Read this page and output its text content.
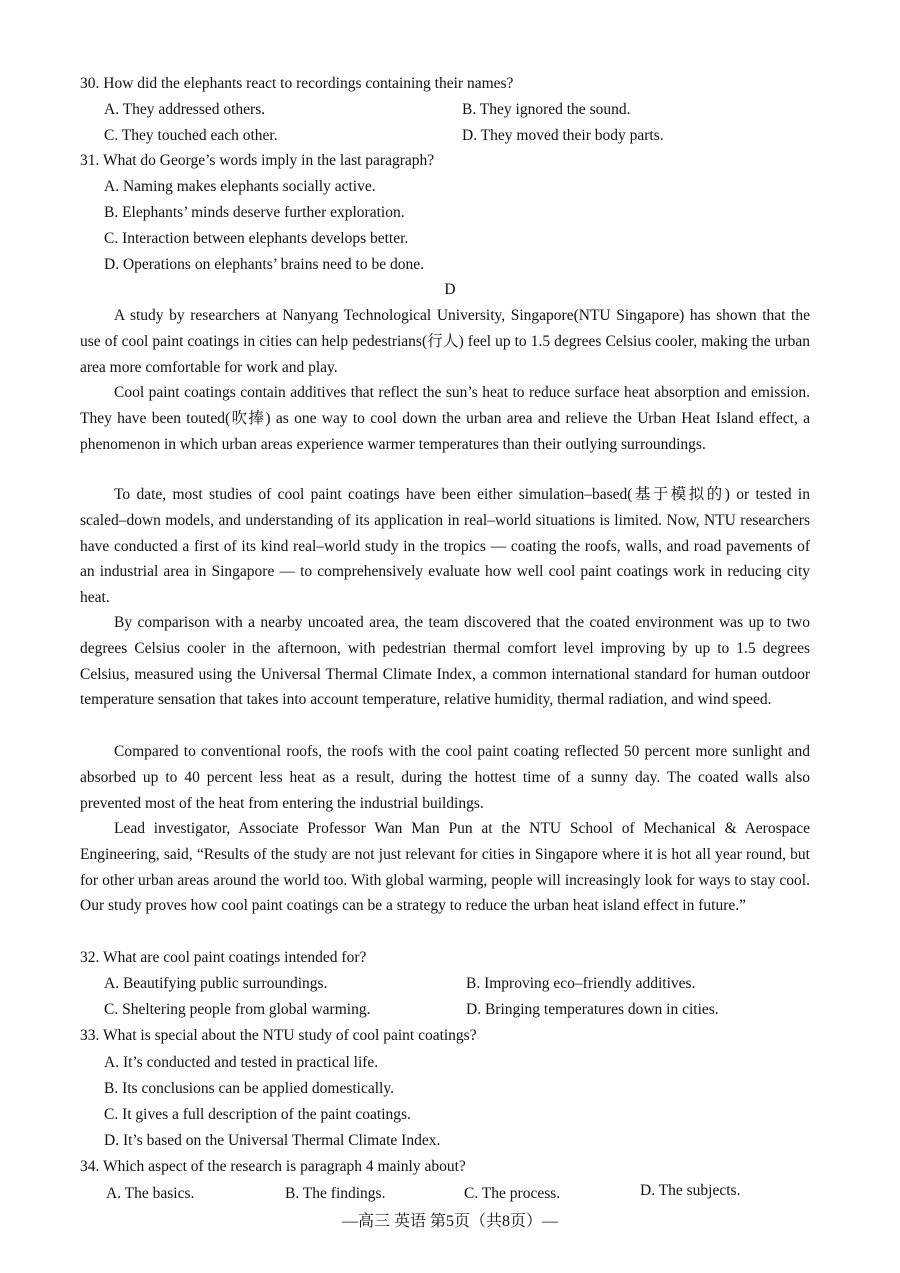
30. How did the elephants react to recordings containing their names?
A. They addressed others.	B. They ignored the sound.
C. They touched each other.	D. They moved their body parts.
31. What do George’s words imply in the last paragraph?
A. Naming makes elephants socially active.
B. Elephants’ minds deserve further exploration.
C. Interaction between elephants develops better.
D. Operations on elephants’ brains need to be done.
D
A study by researchers at Nanyang Technological University, Singapore(NTU Singapore) has shown that the use of cool paint coatings in cities can help pedestrians(行人) feel up to 1.5 degrees Celsius cooler, making the urban area more comfortable for work and play.
Cool paint coatings contain additives that reflect the sun’s heat to reduce surface heat absorption and emission. They have been touted(吹捧) as one way to cool down the urban area and relieve the Urban Heat Island effect, a phenomenon in which urban areas experience warmer temperatures than their outlying surroundings.
To date, most studies of cool paint coatings have been either simulation–based(基于模拟的) or tested in scaled–down models, and understanding of its application in real–world situations is limited. Now, NTU researchers have conducted a first of its kind real–world study in the tropics — coating the roofs, walls, and road pavements of an industrial area in Singapore — to comprehensively evaluate how well cool paint coatings work in reducing city heat.
By comparison with a nearby uncoated area, the team discovered that the coated environment was up to two degrees Celsius cooler in the afternoon, with pedestrian thermal comfort level improving by up to 1.5 degrees Celsius, measured using the Universal Thermal Climate Index, a common international standard for human outdoor temperature sensation that takes into account temperature, relative humidity, thermal radiation, and wind speed.
Compared to conventional roofs, the roofs with the cool paint coating reflected 50 percent more sunlight and absorbed up to 40 percent less heat as a result, during the hottest time of a sunny day. The coated walls also prevented most of the heat from entering the industrial buildings.
Lead investigator, Associate Professor Wan Man Pun at the NTU School of Mechanical & Aerospace Engineering, said, “Results of the study are not just relevant for cities in Singapore where it is hot all year round, but for other urban areas around the world too. With global warming, people will increasingly look for ways to stay cool. Our study proves how cool paint coatings can be a strategy to reduce the urban heat island effect in future.”
32. What are cool paint coatings intended for?
A. Beautifying public surroundings.	B. Improving eco–friendly additives.
C. Sheltering people from global warming.	D. Bringing temperatures down in cities.
33. What is special about the NTU study of cool paint coatings?
A. It’s conducted and tested in practical life.
B. Its conclusions can be applied domestically.
C. It gives a full description of the paint coatings.
D. It’s based on the Universal Thermal Climate Index.
34. Which aspect of the research is paragraph 4 mainly about?
A. The basics.	B. The findings.	C. The process.	D. The subjects.
—高三 英语 第5页（共8页）—
